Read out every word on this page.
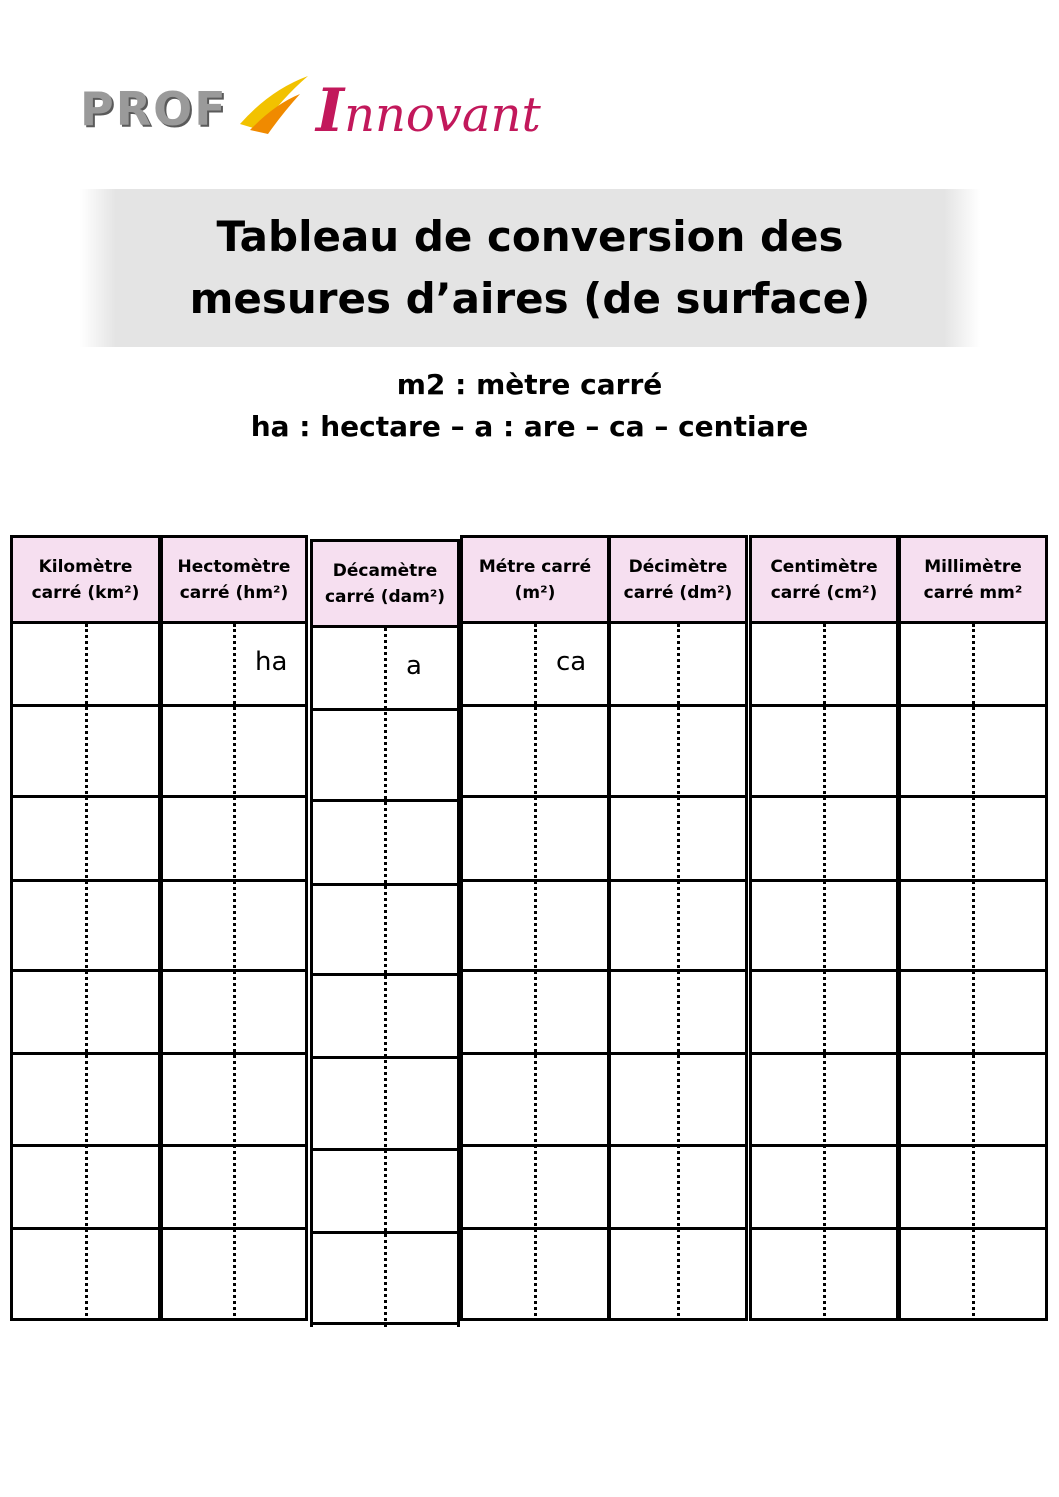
PROF Innovant
Tableau de conversion des
mesures d’aires (de surface)
m2 : mètre carré
ha : hectare – a : are – ca – centiare
Kilomètre
carré (km²)
Hectomètre
carré (hm²)
ha
Décamètre
carré (dam²)
a
Métre carré
(m²)
ca
Décimètre
carré (dm²)
Centimètre
carré (cm²)
Millimètre
carré mm²
